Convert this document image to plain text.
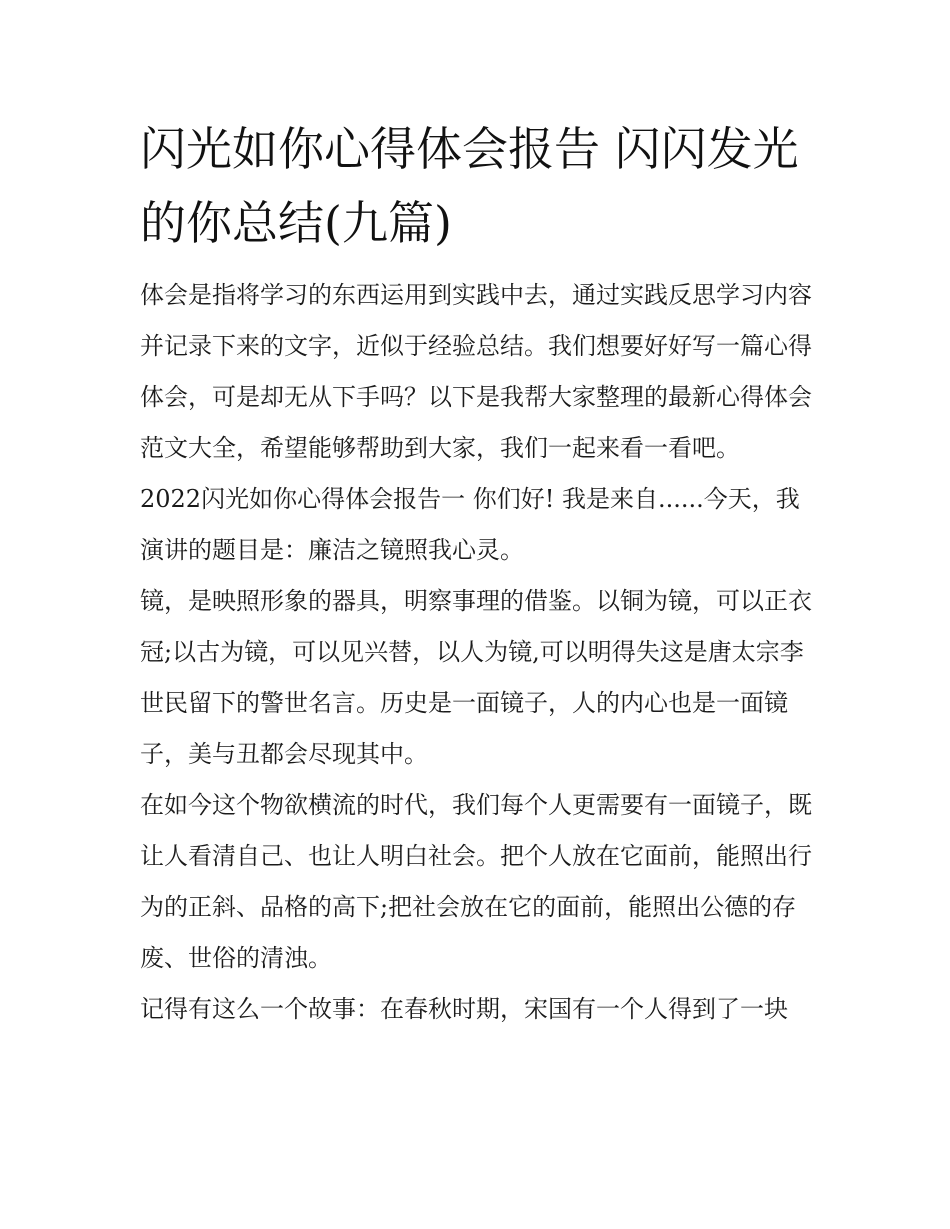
闪光如你心得体会报告 闪闪发光的你总结(九篇)

体会是指将学习的东西运用到实践中去，通过实践反思学习内容并记录下来的文字，近似于经验总结。我们想要好好写一篇心得体会，可是却无从下手吗？以下是我帮大家整理的最新心得体会范文大全，希望能够帮助到大家，我们一起来看一看吧。

2022闪光如你心得体会报告一 你们好! 我是来自......今天，我演讲的题目是：廉洁之镜照我心灵。

镜，是映照形象的器具，明察事理的借鉴。以铜为镜，可以正衣冠;以古为镜，可以见兴替，以人为镜,可以明得失这是唐太宗李世民留下的警世名言。历史是一面镜子，人的内心也是一面镜子，美与丑都会尽现其中。

在如今这个物欲横流的时代，我们每个人更需要有一面镜子，既让人看清自己、也让人明白社会。把个人放在它面前，能照出行为的正斜、品格的高下;把社会放在它的面前，能照出公德的存废、世俗的清浊。

记得有这么一个故事：在春秋时期，宋国有一个人得到了一块
